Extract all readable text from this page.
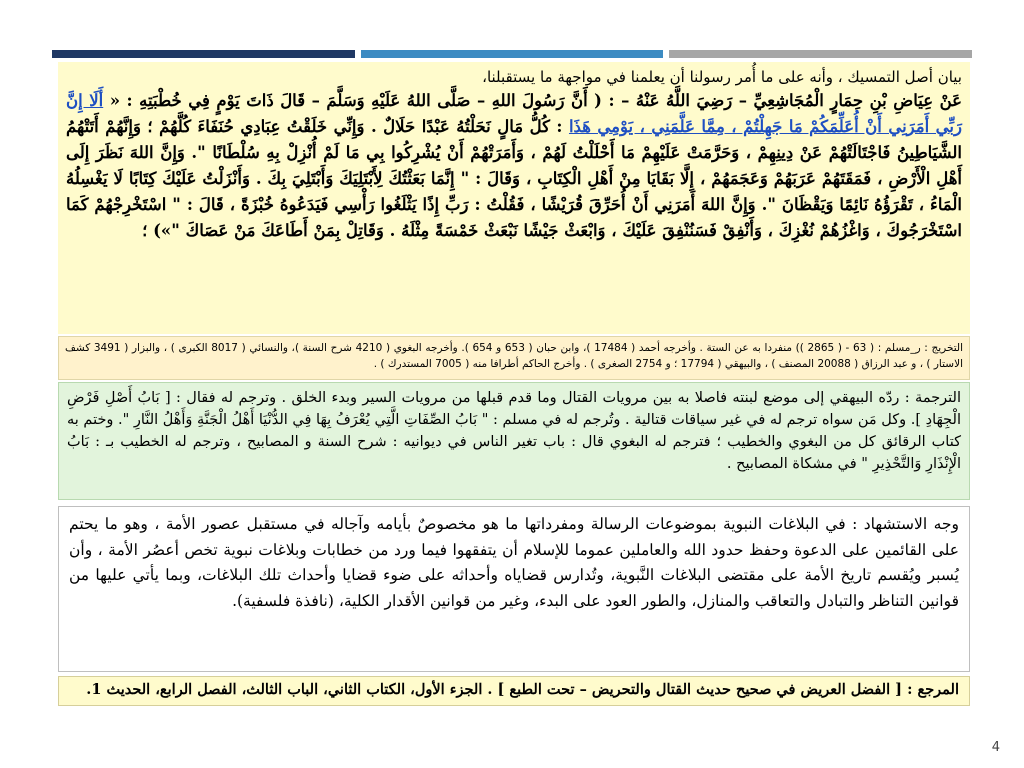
بيان أصل التمسيك ، وأنه على ما أُمر رسولنا أن يعلمنا في مواجهة ما يستقبلنا،
عَنْ عِيَاضِ بْنِ حِمَارٍ الْمُجَاشِعِيِّ – رَضِيَ اللَّهُ عَنْهُ – : ( أَنَّ رَسُولَ اللهِ – صَلَّى اللهُ عَلَيْهِ وَسَلَّمَ – قَالَ ذَاتَ يَوْمٍ فِي خُطْبَتِهِ : « أَلَا إِنَّ رَبِّي أَمَرَنِي أَنْ أُعَلِّمَكُمْ مَا جَهِلْتُمْ ، مِمَّا عَلَّمَنِي ، يَوْمِي هَذَا : كُلُّ مَالٍ نَحَلْتُهُ عَبْدًا حَلَالٌ . وَإِنِّي خَلَقْتُ عِبَادِي حُنَفَاءَ كُلَّهُمْ ؛ وَإِنَّهُمْ أَتَتْهُمُ الشَّيَاطِينُ فَاجْتَالَتْهُمْ عَنْ دِينِهِمْ ، وَحَرَّمَتْ عَلَيْهِمْ مَا أَحْلَلْتُ لَهُمْ ، وَأَمَرَتْهُمْ أَنْ يُشْرِكُوا بِي مَا لَمْ أُنْزِلْ بِهِ سُلْطَانًا ". وَإِنَّ اللهَ نَظَرَ إِلَى أَهْلِ الْأَرْضِ ، فَمَقَتَهُمْ عَرَبَهُمْ وَعَجَمَهُمْ ، إِلَّا بَقَايَا مِنْ أَهْلِ الْكِتَابِ ، وَقَالَ : " إِنَّمَا بَعَثْتُكَ لِأَبْتَلِيَكَ وَأَبْتَلِيَ بِكَ . وَأَنْزَلْتُ عَلَيْكَ كِتَابًا لَا يَغْسِلُهُ الْمَاءُ ، تَقْرَؤُهُ نَائِمًا وَيَقْظَانَ ". وَإِنَّ اللهَ أَمَرَنِي أَنْ أُحَرِّقَ قُرَيْشًا ، فَقُلْتُ : رَبِّ إِذًا يَثْلَغُوا رَأْسِي فَيَدَعُوهُ خُبْزَةً ، قَالَ : " اسْتَخْرِجْهُمْ كَمَا اسْتَخْرَجُوكَ ، وَاغْزُهُمْ نُغْزِكَ ، وَأَنْفِقْ فَسَنُنْفِقَ عَلَيْكَ ، وَابْعَثْ جَيْشًا نَبْعَثْ خَمْسَةً مِثْلَهُ . وَقَاتِلْ بِمَنْ أَطَاعَكَ مَنْ عَصَاكَ "») ؛
التخريج : ر_مسلم : ( 63 - ( 2865 )) منفردا به عن الستة . وأخرجه أحمد ( 17484 )، وابن حبان ( 653 و 654 ). وأخرجه البغوي ( 4210 شرح السنة )، والنسائي ( 8017 الكبرى ) ، والبزار ( 3491 كشف الاستار ) ، و عبد الرزاق ( 20088 المصنف ) ، والبيهقي ( 17794 ؛ و 2754 الصغرى ) . وأخرج الحاكم أطرافا منه ( 7005 المستدرك ) .
الترجمة : ردّه البيهقي إلى موضع لبنته فاصلا به بين مرويات القتال وما قدم قبلها من مرويات السير وبدء الخلق . وترجم له فقال : [ بَابُ أَصْلِ فَرْضِ الْجِهَادِ ]. وكل مَن سواه ترجم له في غير سياقات قتالية . وتُرجم له في مسلم : " بَابُ الصِّفَاتِ الَّتِي يُعْرَفُ بِهَا فِي الدُّنْيَا أَهْلُ الْجَنَّةِ وَأَهْلُ النَّارِ ". وختم به كتاب الرقائق كل من البغوي والخطيب ؛ فترجم له البغوي قال : باب تغير الناس في ديوانيه : شرح السنة و المصابيح ، وترجم له الخطيب بـ : بَابُ الْإِنْذَارِ وَالتَّحْذِيرِ " في مشكاة المصابيح .
وجه الاستشهاد : في البلاغات النبوية بموضوعات الرسالة ومفرداتها ما هو مخصوصٌ بأيامه وآجاله في مستقبل عصور الأمة ، وهو ما يحتم على القائمين على الدعوة وحفظ حدود الله والعاملين عموما للإسلام أن يتفقهوا فيما ورد من خطابات وبلاغات نبوية تخص أعصُر الأمة ، وأن يُسبر ويُقسم تاريخ الأمة على مقتضى البلاغات النَّبوية، وتُدارس قضاياه وأحداثه على ضوء قضايا وأحداث تلك البلاغات، وبما يأتي عليها من قوانين التناظر والتبادل والتعاقب والمنازل، والطور العود على البدء، وغير من قوانين الأقدار الكلية، (نافذة فلسفية).
المرجع : [ الفضل العريض في صحيح حديث القتال والتحريض – تحت الطبع ] . الجزء الأول، الكتاب الثاني، الباب الثالث، الفصل الرابع، الحديث 1.
4
